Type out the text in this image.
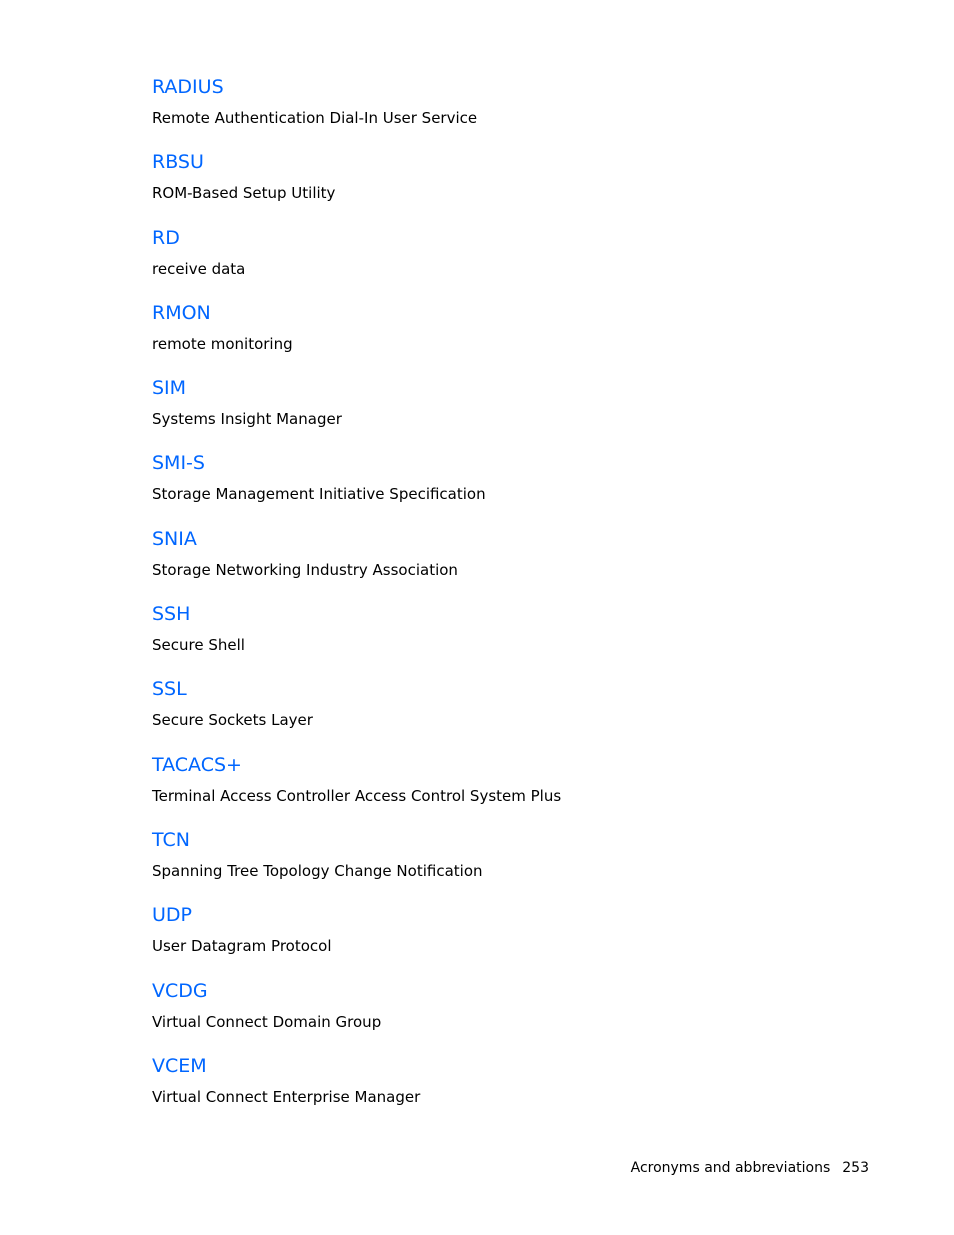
RADIUS
Remote Authentication Dial-In User Service
RBSU
ROM-Based Setup Utility
RD
receive data
RMON
remote monitoring
SIM
Systems Insight Manager
SMI-S
Storage Management Initiative Specification
SNIA
Storage Networking Industry Association
SSH
Secure Shell
SSL
Secure Sockets Layer
TACACS+
Terminal Access Controller Access Control System Plus
TCN
Spanning Tree Topology Change Notification
UDP
User Datagram Protocol
VCDG
Virtual Connect Domain Group
VCEM
Virtual Connect Enterprise Manager
Acronyms and abbreviations 253
